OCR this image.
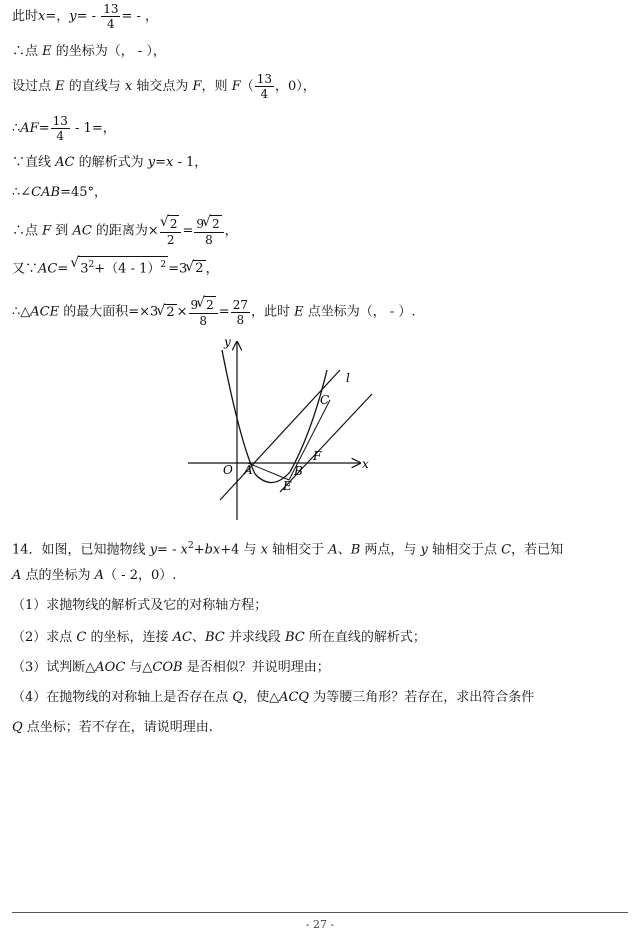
此时x=，$y= - \frac{13}{4}$ = - ，
∴点 E 的坐标为（， - ），
设过点 E 的直线与 x 轴交点为 F，则 $F( \frac{13}{4}$ ，0），
∴AF= $\frac{13}{4} - 1=$，
∵直线 AC 的解析式为 y=x - 1，
∴∠CAB=45°，
∴点 F 到 AC 的距离为×
√ $\frac{2}{2} = \frac{9√ 2}{8}$ ，
又∵AC=√ $3^2+(4 - 1)^2 =3√$ 2 ，
∴△ACE 的最大面积=×3√ $2 \times \frac{9√ 2}{8} = \frac{27}{8}$ ，此时 E 点坐标为（， - ）.
y
x
O A	B
C
E
F
l
14．如图，已知抛物线 $y= - x^2+bx+4$ 与 x 轴相交于 A、B 两点，与 y 轴相交于点 C，若已知
A 点的坐标为 A（ - 2，0）.
（1）求抛物线的解析式及它的对称轴方程；
（2）求点 C 的坐标，连接 AC、BC 并求线段 BC 所在直线的解析式；
（3）试判断△AOC 与△COB 是否相似？并说明理由；
（4）在抛物线的对称轴上是否存在点 Q，使△ACQ 为等腰三角形？若存在，求出符合条件
Q 点坐标；若不存在，请说明理由.
- 27 -
